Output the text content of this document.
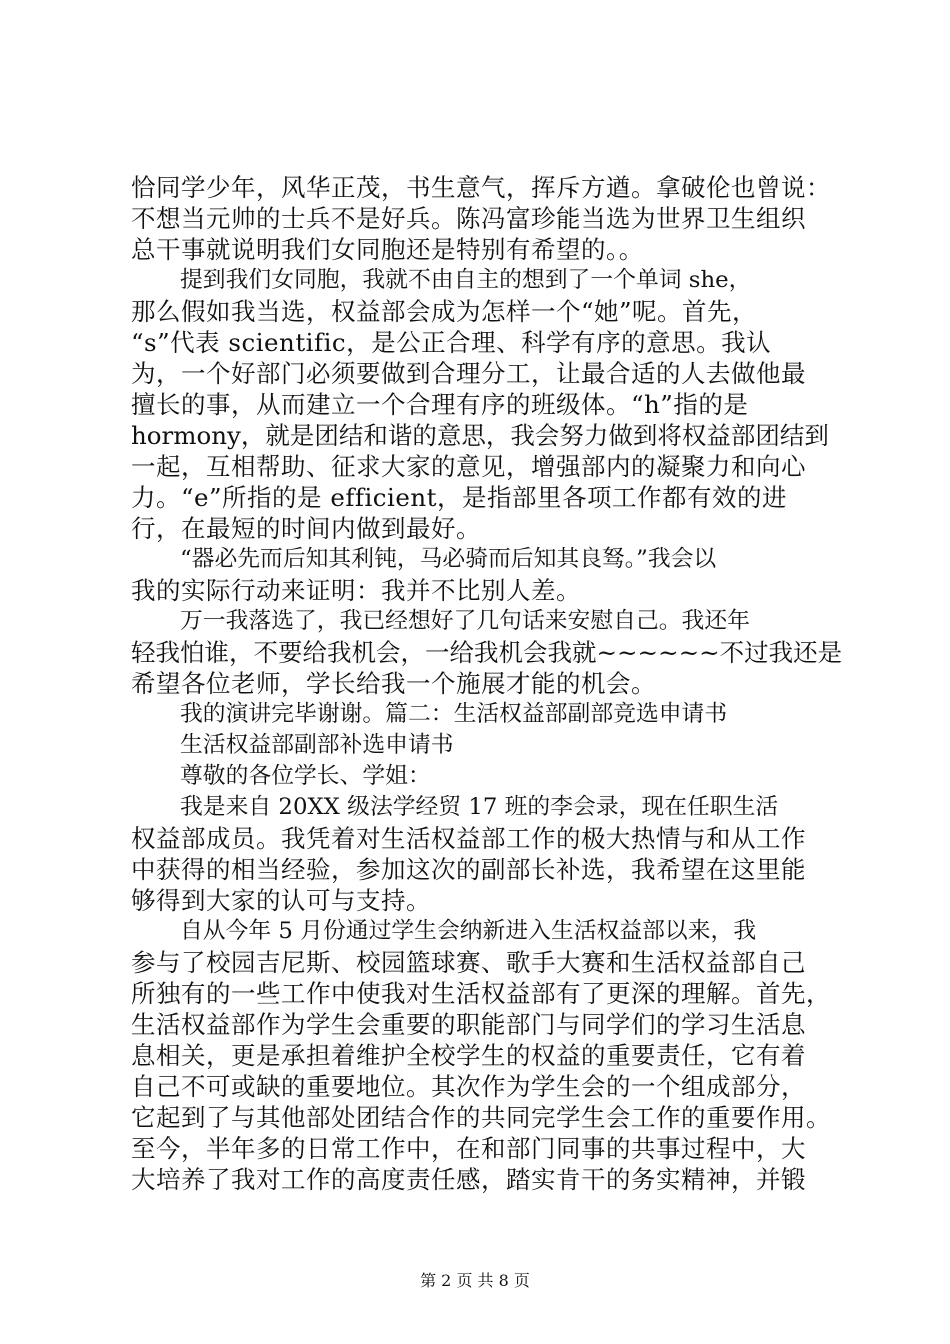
恰同学少年，风华正茂，书生意气，挥斥方遒。拿破伦也曾说：
不想当元帅的士兵不是好兵。陈冯富珍能当选为世界卫生组织
总干事就说明我们女同胞还是特别有希望的。。
提到我们女同胞，我就不由自主的想到了一个单词 she，
那么假如我当选，权益部会成为怎样一个“她”呢。首先，
“s”代表 scientific，是公正合理、科学有序的意思。我认
为，一个好部门必须要做到合理分工，让最合适的人去做他最
擅长的事，从而建立一个合理有序的班级体。“h”指的是
hormony，就是团结和谐的意思，我会努力做到将权益部团结到
一起，互相帮助、征求大家的意见，增强部内的凝聚力和向心
力。“e”所指的是 efficient，是指部里各项工作都有效的进
行，在最短的时间内做到最好。
“器必先而后知其利钝，马必骑而后知其良驽。”我会以
我的实际行动来证明：我并不比别人差。
万一我落选了，我已经想好了几句话来安慰自己。我还年
轻我怕谁，不要给我机会，一给我机会我就~~~~~~不过我还是
希望各位老师，学长给我一个施展才能的机会。
我的演讲完毕谢谢。篇二：生活权益部副部竞选申请书
生活权益部副部补选申请书
尊敬的各位学长、学姐：
我是来自 20XX 级法学经贸 17 班的李会录，现在任职生活
权益部成员。我凭着对生活权益部工作的极大热情与和从工作
中获得的相当经验，参加这次的副部长补选，我希望在这里能
够得到大家的认可与支持。
自从今年 5 月份通过学生会纳新进入生活权益部以来，我
参与了校园吉尼斯、校园篮球赛、歌手大赛和生活权益部自己
所独有的一些工作中使我对生活权益部有了更深的理解。首先，
生活权益部作为学生会重要的职能部门与同学们的学习生活息
息相关，更是承担着维护全校学生的权益的重要责任，它有着
自己不可或缺的重要地位。其次作为学生会的一个组成部分，
它起到了与其他部处团结合作的共同完学生会工作的重要作用。
至今，半年多的日常工作中，在和部门同事的共事过程中，大
大培养了我对工作的高度责任感，踏实肯干的务实精神，并锻
第 2 页 共 8 页
